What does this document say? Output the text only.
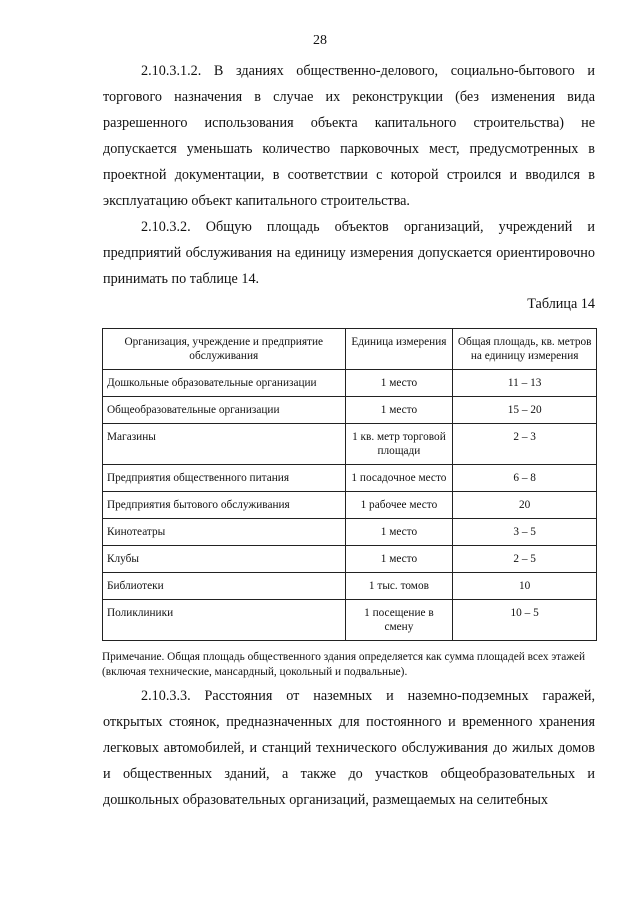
28

2.10.3.1.2. В зданиях общественно-делового, социально-бытового и торгового назначения в случае их реконструкции (без изменения вида разрешенного использования объекта капитального строительства) не допускается уменьшать количество парковочных мест, предусмотренных в проектной документации, в соответствии с которой строился и вводился в эксплуатацию объект капитального строительства.

2.10.3.2. Общую площадь объектов организаций, учреждений и предприятий обслуживания на единицу измерения допускается ориентировочно принимать по таблице 14.

Таблица 14
Организация, учреждение и предприятие обслуживания	Единица измерения	Общая площадь, кв. метров на единицу измерения
Дошкольные образовательные организации	1 место	11 – 13
Общеобразовательные организации	1 место	15 – 20
Магазины	1 кв. метр торговой площади	2 – 3
Предприятия общественного питания	1 посадочное место	6 – 8
Предприятия бытового обслуживания	1 рабочее место	20
Кинотеатры	1 место	3 – 5
Клубы	1 место	2 – 5
Библиотеки	1 тыс. томов	10
Поликлиники	1 посещение в смену	10 – 5
Примечание. Общая площадь общественного здания определяется как сумма площадей всех этажей (включая технические, мансардный, цокольный и подвальные).

2.10.3.3. Расстояния от наземных и наземно-подземных гаражей, открытых стоянок, предназначенных для постоянного и временного хранения легковых автомобилей, и станций технического обслуживания до жилых домов и общественных зданий, а также до участков общеобразовательных и дошкольных образовательных организаций, размещаемых на селитебных
